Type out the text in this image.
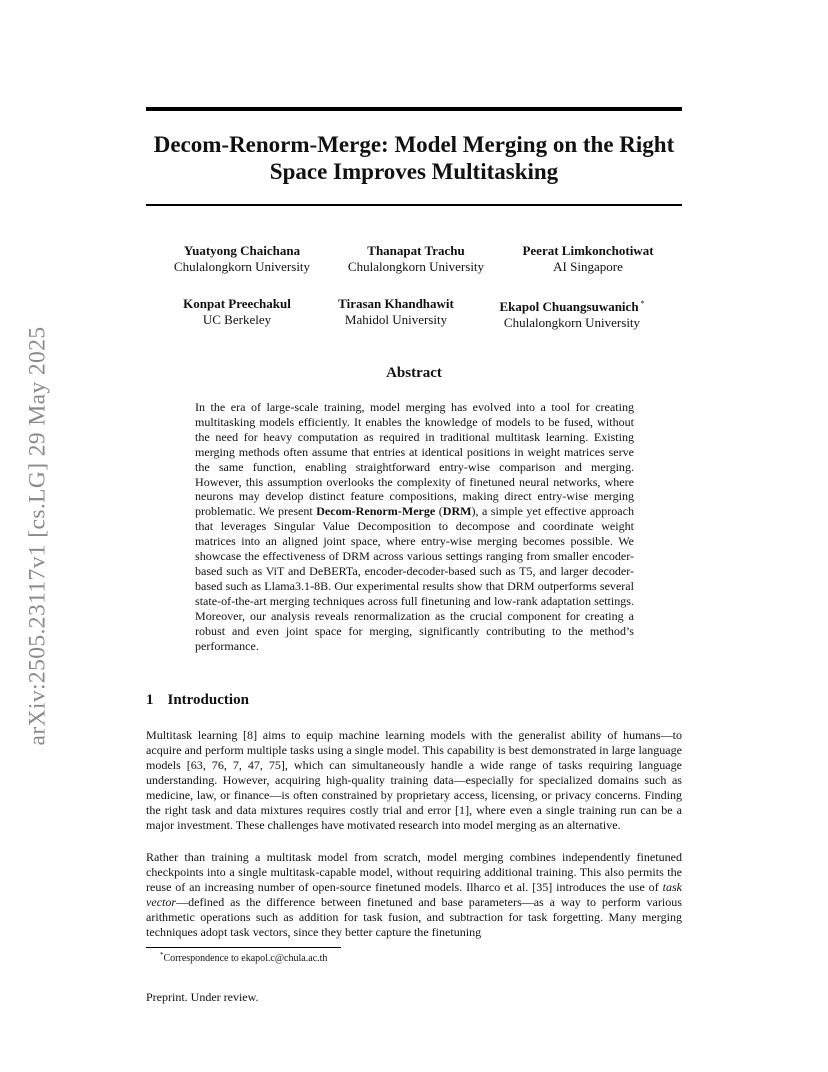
arXiv:2505.23117v1 [cs.LG] 29 May 2025
Decom-Renorm-Merge: Model Merging on the Right
Space Improves Multitasking
Yuatyong Chaichana
Chulalongkorn University
Thanapat Trachu
Chulalongkorn University
Peerat Limkonchotiwat
AI Singapore
Konpat Preechakul
UC Berkeley
Tirasan Khandhawit
Mahidol University
Ekapol Chuangsuwanich *
Chulalongkorn University
Abstract
In the era of large-scale training, model merging has evolved into a tool for creating multitasking models efficiently. It enables the knowledge of models to be fused, without the need for heavy computation as required in traditional multitask learning. Existing merging methods often assume that entries at identical positions in weight matrices serve the same function, enabling straightforward entry-wise comparison and merging. However, this assumption overlooks the complexity of finetuned neural networks, where neurons may develop distinct feature compositions, making direct entry-wise merging problematic. We present Decom-Renorm-Merge (DRM), a simple yet effective approach that leverages Singular Value Decomposition to decompose and coordinate weight matrices into an aligned joint space, where entry-wise merging becomes possible. We showcase the effectiveness of DRM across various settings ranging from smaller encoder-based such as ViT and DeBERTa, encoder-decoder-based such as T5, and larger decoder-based such as Llama3.1-8B. Our experimental results show that DRM outperforms several state-of-the-art merging techniques across full finetuning and low-rank adaptation settings. Moreover, our analysis reveals renormalization as the crucial component for creating a robust and even joint space for merging, significantly contributing to the method’s performance.
1 Introduction

Multitask learning [8] aims to equip machine learning models with the generalist ability of humans—to acquire and perform multiple tasks using a single model. This capability is best demonstrated in large language models [63, 76, 7, 47, 75], which can simultaneously handle a wide range of tasks requiring language understanding. However, acquiring high-quality training data—especially for specialized domains such as medicine, law, or finance—is often constrained by proprietary access, licensing, or privacy concerns. Finding the right task and data mixtures requires costly trial and error [1], where even a single training run can be a major investment. These challenges have motivated research into model merging as an alternative.

Rather than training a multitask model from scratch, model merging combines independently finetuned checkpoints into a single multitask-capable model, without requiring additional training. This also permits the reuse of an increasing number of open-source finetuned models. Ilharco et al. [35] introduces the use of task vector—defined as the difference between finetuned and base parameters—as a way to perform various arithmetic operations such as addition for task fusion, and subtraction for task forgetting. Many merging techniques adopt task vectors, since they better capture the finetuning

*Correspondence to ekapol.c@chula.ac.th
Preprint. Under review.
